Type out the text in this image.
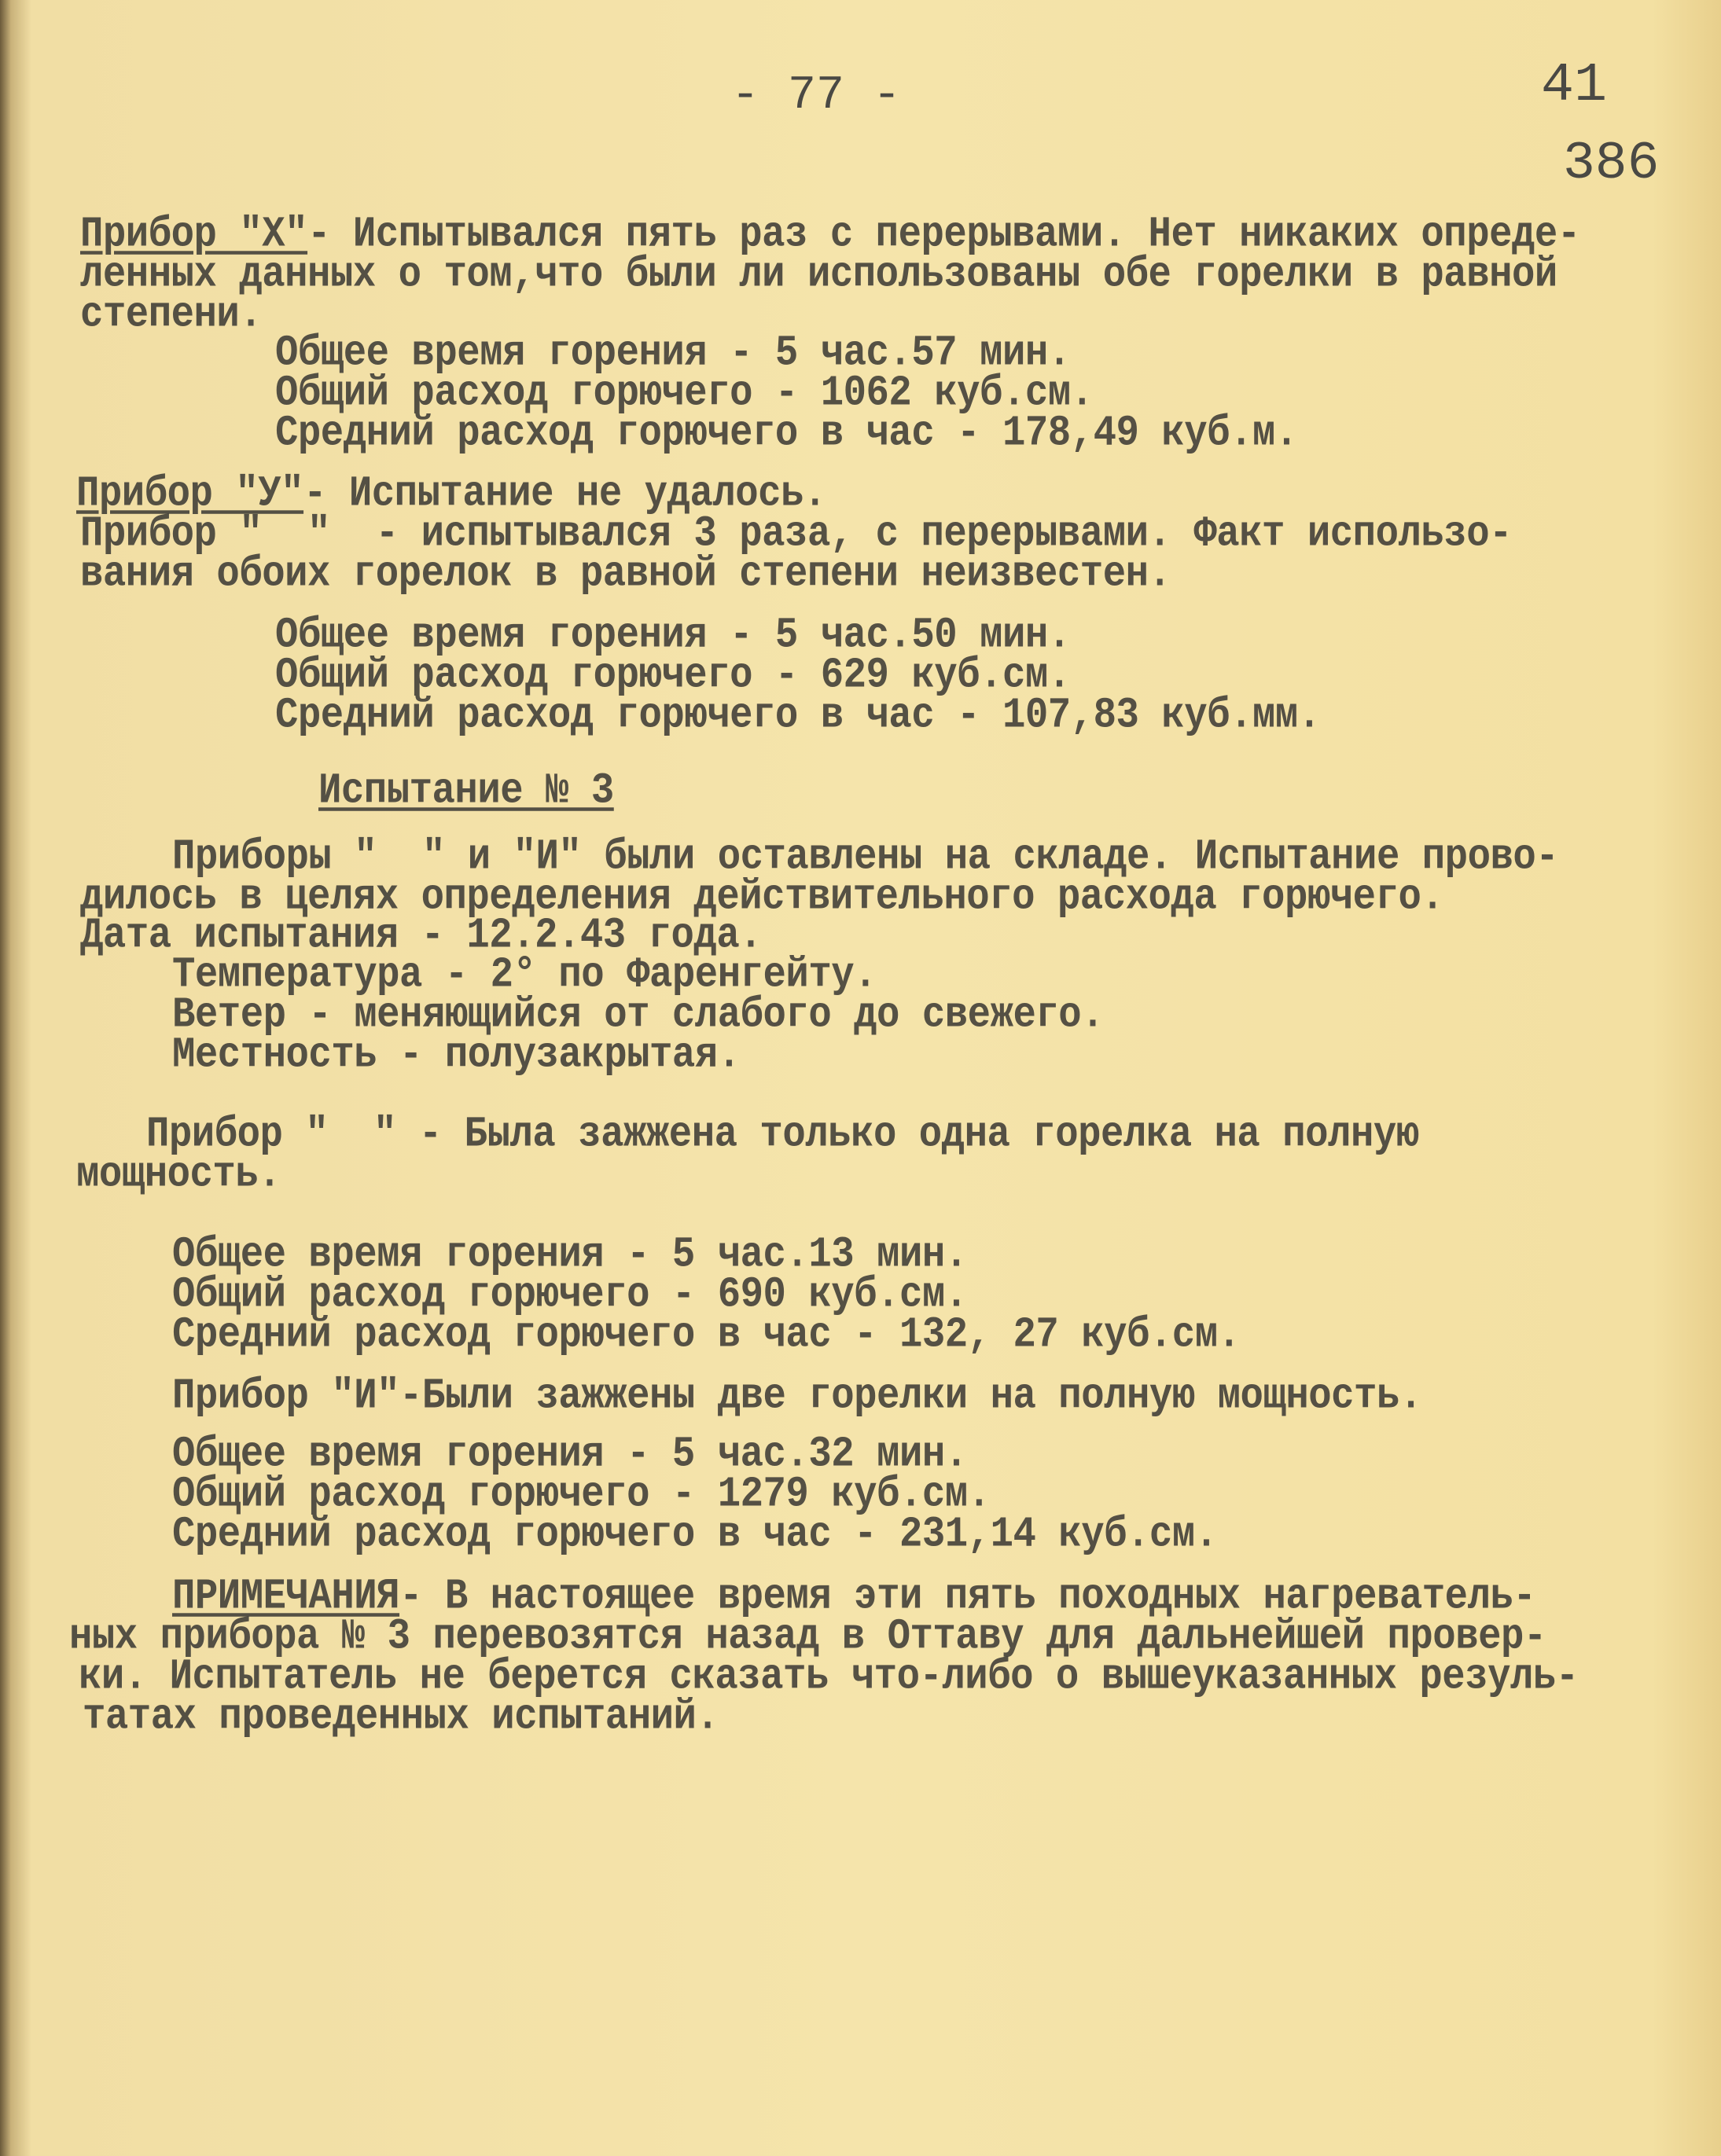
- 77 -	41
386
Прибор "Х"- Испытывался пять раз с перерывами. Нет никаких опреде-
ленных данных о том,что были ли использованы обе горелки в равной
степени.
Общее время горения - 5 час.57 мин.
Общий расход горючего - 1062 куб.см.
Средний расход горючего в час - 178,49 куб.м.
Прибор "У"- Испытание не удалось.
Прибор "  "  - испытывался 3 раза, с перерывами. Факт использо-
вания обоих горелок в равной степени неизвестен.
Общее время горения - 5 час.50 мин.
Общий расход горючего - 629 куб.см.
Средний расход горючего в час - 107,83 куб.мм.
Испытание № 3
Приборы "  " и "И" были оставлены на складе. Испытание прово-
дилось в целях определения действительного расхода горючего.
Дата испытания - 12.2.43 года.
Температура - 2° по Фаренгейту.
Ветер - меняющийся от слабого до свежего.
Местность - полузакрытая.
Прибор "  " - Была зажжена только одна горелка на полную
мощность.
Общее время горения - 5 час.13 мин.
Общий расход горючего - 690 куб.см.
Средний расход горючего в час - 132, 27 куб.см.
Прибор "И"-Были зажжены две горелки на полную мощность.
Общее время горения - 5 час.32 мин.
Общий расход горючего - 1279 куб.см.
Средний расход горючего в час - 231,14 куб.см.
ПРИМЕЧАНИЯ- В настоящее время эти пять походных нагреватель-
ных прибора № 3 перевозятся назад в Оттаву для дальнейшей провер-
ки. Испытатель не берется сказать что-либо о вышеуказанных резуль-
татах проведенных испытаний.
